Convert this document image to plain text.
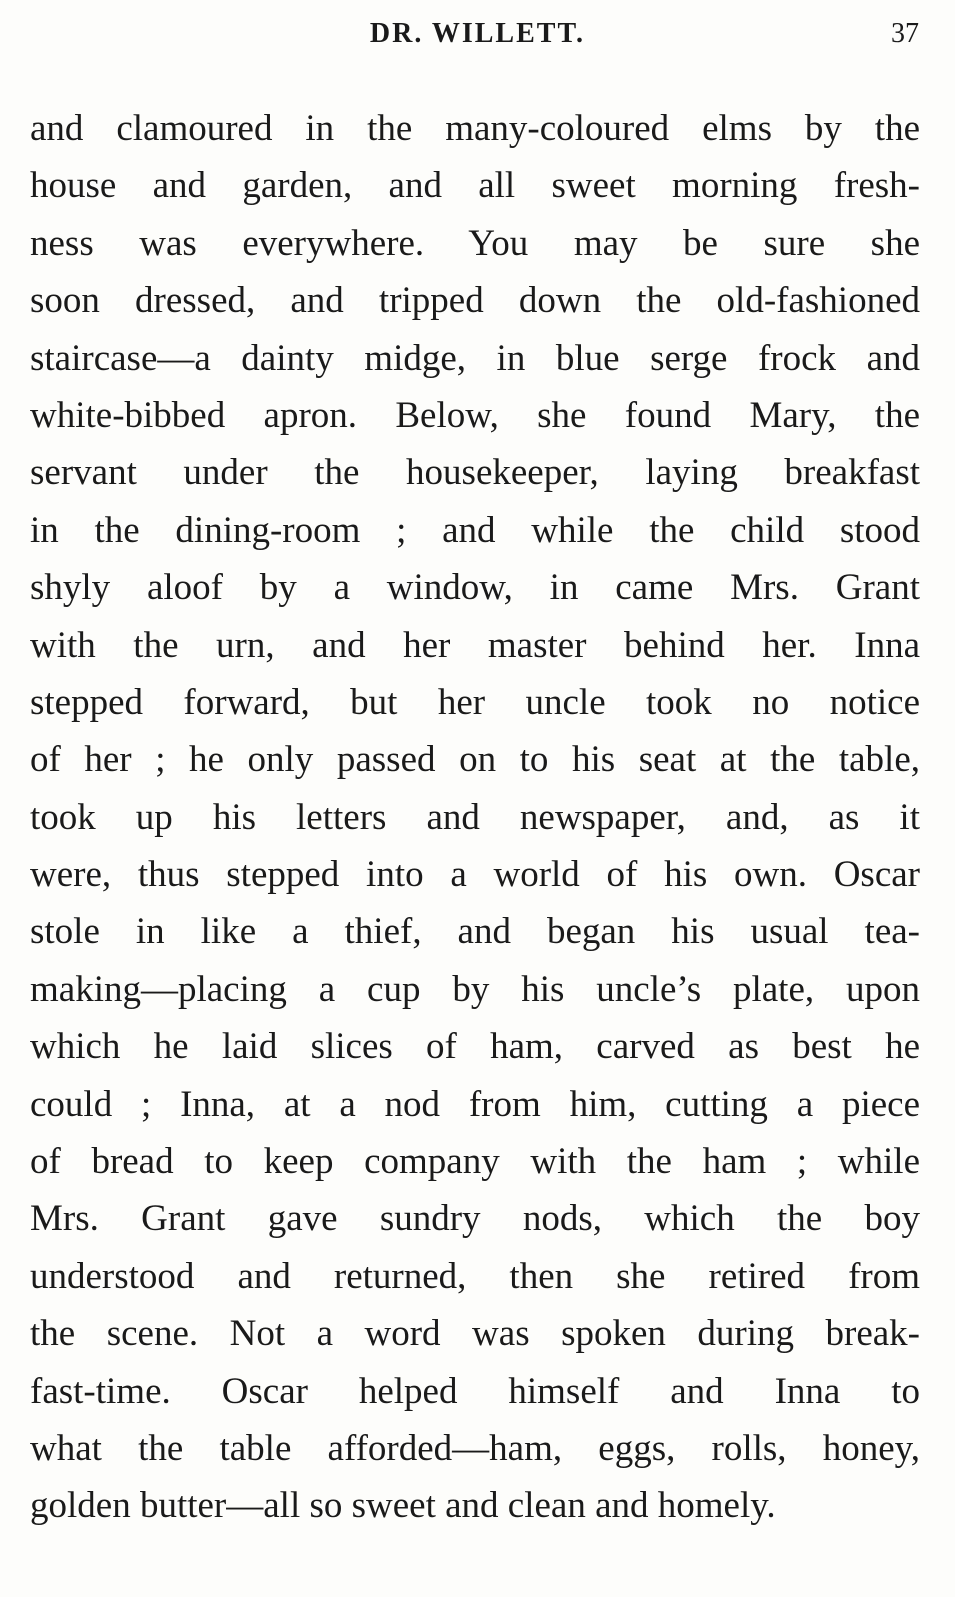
DR. WILLETT.	37
and clamoured in the many-coloured elms by the
house and garden, and all sweet morning fresh-
ness was everywhere. You may be sure she
soon dressed, and tripped down the old-fashioned
staircase—a dainty midge, in blue serge frock and
white-bibbed apron. Below, she found Mary, the
servant under the housekeeper, laying breakfast
in the dining-room ; and while the child stood
shyly aloof by a window, in came Mrs. Grant
with the urn, and her master behind her. Inna
stepped forward, but her uncle took no notice
of her ; he only passed on to his seat at the table,
took up his letters and newspaper, and, as it
were, thus stepped into a world of his own. Oscar
stole in like a thief, and began his usual tea-
making—placing a cup by his uncle’s plate, upon
which he laid slices of ham, carved as best he
could ; Inna, at a nod from him, cutting a piece
of bread to keep company with the ham ; while
Mrs. Grant gave sundry nods, which the boy
understood and returned, then she retired from
the scene. Not a word was spoken during break-
fast-time. Oscar helped himself and Inna to
what the table afforded—ham, eggs, rolls, honey,
golden butter—all so sweet and clean and homely.
